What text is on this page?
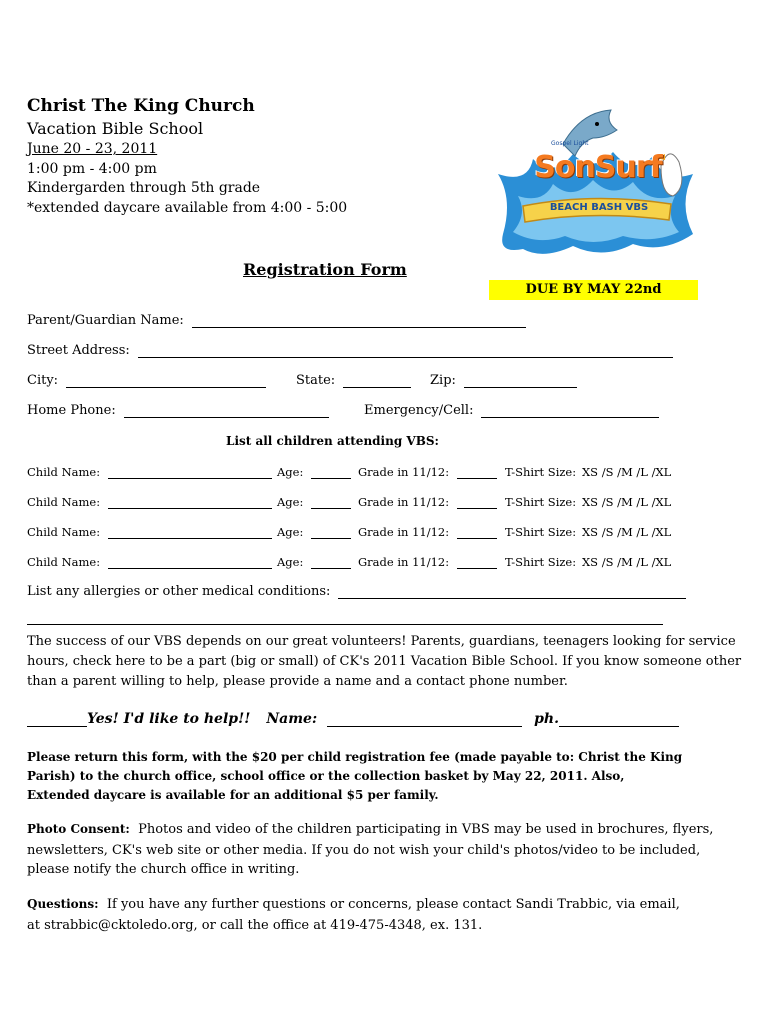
Christ The King Church
Vacation Bible School
June 20 - 23, 2011
1:00 pm - 4:00 pm
Kindergarden through 5th grade
*extended daycare available from 4:00 - 5:00
SonSurf
BEACH BASH VBS
Gospel Light
Registration Form
DUE BY MAY 22nd
Parent/Guardian Name:
Street Address:
City:	State:	Zip:
Home Phone:	Emergency/Cell:
List all children attending VBS:
Child Name:	Age:	Grade in 11/12:	T-Shirt Size: XS /S /M /L /XL
Child Name:	Age:	Grade in 11/12:	T-Shirt Size: XS /S /M /L /XL
Child Name:	Age:	Grade in 11/12:	T-Shirt Size: XS /S /M /L /XL
Child Name:	Age:	Grade in 11/12:	T-Shirt Size: XS /S /M /L /XL
List any allergies or other medical conditions:
The success of our VBS depends on our great volunteers! Parents, guardians, teenagers looking for service
hours, check here to be a part (big or small) of CK's 2011 Vacation Bible School. If you know someone other
than a parent willing to help, please provide a name and a contact phone number.
Yes! I'd like to help!! Name:	ph.
Please return this form, with the $20 per child registration fee (made payable to: Christ the King
Parish) to the church office, school office or the collection basket by May 22, 2011. Also,
Extended daycare is available for an additional $5 per family.
Photo Consent: Photos and video of the children participating in VBS may be used in brochures, flyers,
newsletters, CK's web site or other media. If you do not wish your child's photos/video to be included,
please notify the church office in writing.
Questions: If you have any further questions or concerns, please contact Sandi Trabbic, via email,
at strabbic@cktoledo.org, or call the office at 419-475-4348, ex. 131.
